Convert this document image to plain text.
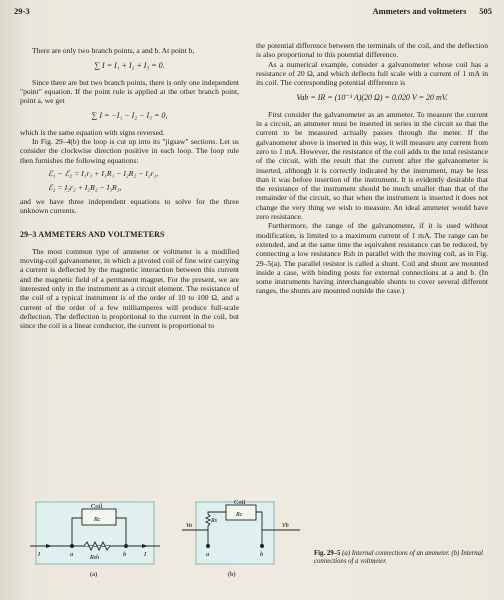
29-3	Ammeters and voltmeters 505

There are only two branch points, a and b. At point b,

∑ I = I₁ + I₂ + I₃ = 0.

Since there are but two branch points, there is only one independent "point" equation. If the point rule is applied at the other branch point, point a, we get

∑ I = −I₁ − I₂ − I₃ = 0,

which is the same equation with signs reversed.

In Fig. 29–4(b) the loop is cut up into its "jigsaw" sections. Let us consider the clockwise direction positive in each loop. The loop rule then furnishes the following equations:

ℰ₁ − ℰ₂ = I₁r₁ + I₁R₁ − I₂R₂ − I₂r₂,
ℰ₂ = I₂r₂ + I₂R₂ − I₃R₃,

and we have three independent equations to solve for the three unknown currents.

29–3 AMMETERS AND VOLTMETERS

The most common type of ammeter or voltmeter is a modified moving-coil galvanometer, in which a pivoted coil of fine wire carrying a current is deflected by the magnetic interaction between this current and the magnetic field of a permanent magnet. For the present, we are interested only in the instrument as a circuit element. The resistance of the coil of a typical instrument is of the order of 10 to 100 Ω, and a current of the order of a few milliamperes will produce full-scale deflection. The deflection is proportional to the current in the coil, but since the coil is a linear conductor, the current is proportional to

the potential difference between the terminals of the coil, and the deflection is also proportional to this potential difference.

As a numerical example, consider a galvanometer whose coil has a resistance of 20 Ω, and which deflects full scale with a current of 1 mA in its coil. The corresponding potential difference is

Vab = IR = (10⁻³ A)(20 Ω) = 0.020 V = 20 mV.

First consider the galvanometer as an ammeter. To measure the current in a circuit, an ammeter must be inserted in series in the circuit so that the current to be measured actually passes through the meter. If the galvanometer above is inserted in this way, it will measure any current from zero to 1 mA. However, the resistance of the coil adds to the total resistance of the circuit, with the result that the current after the galvanometer is inserted, although it is correctly indicated by the instrument, may be less than it was before insertion of the instrument. It is evidently desirable that the resistance of the instrument should be much smaller than that of the remainder of the circuit, so that when the instrument is inserted it does not change the very thing we wish to measure. An ideal ammeter would have zero resistance.

Furthermore, the range of the galvanometer, if it is used without modification, is limited to a maximum current of 1 mA. The range can be extended, and at the same time the equivalent resistance can be reduced, by connecting a low resistance Rsh in parallel with the moving coil, as in Fig. 29–5(a). The parallel resistor is called a shunt. Coil and shunt are mounted inside a case, with binding posts for external connections at a and b. (In some instruments having interchangeable shunts to cover several different ranges, the shunts are mounted outside the case.)

Coil
Rc
Rsh
a	b
I	I
(a)
Coil
Rc
Rs
Va	Vb
a	b
(b)
Fig. 29–5 (a) Internal connections of an ammeter. (b) Internal connections of a voltmeter.
